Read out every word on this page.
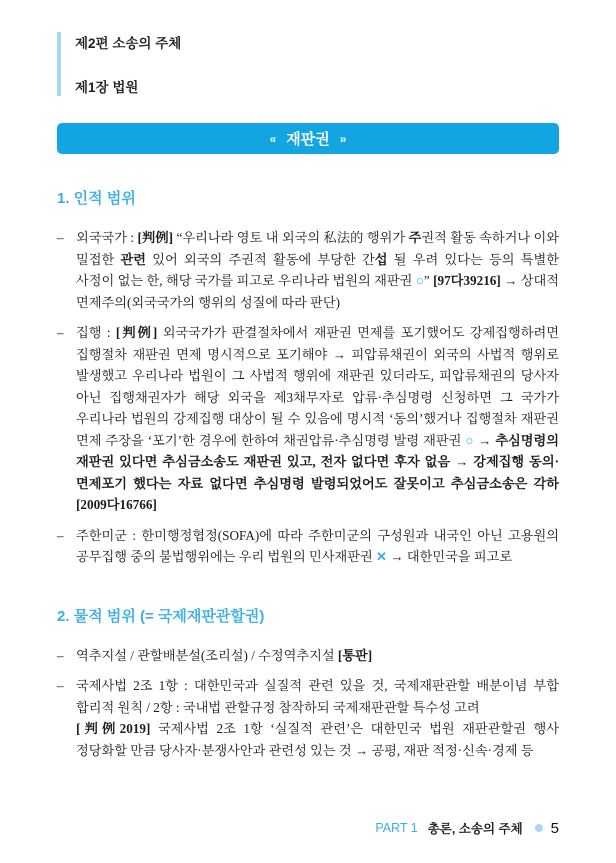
제2편 소송의 주체
제1장 법원
« 재판권 »
1. 인적 범위
– 외국국가 : [判例] “우리나라 영토 내 외국의 私法的 행위가 주권적 활동 속하거나 이와 밀접한 관련 있어 외국의 주권적 활동에 부당한 간섭 될 우려 있다는 등의 특별한 사정이 없는 한, 해당 국가를 피고로 우리나라 법원의 재판권 ○” [97다39216] → 상대적 면제주의(외국국가의 행위의 성질에 따라 판단)

– 집행 : [判例] 외국국가가 판결절차에서 재판권 면제를 포기했어도 강제집행하려면 집행절차 재판권 면제 명시적으로 포기해야 → 피압류채권이 외국의 사법적 행위로 발생했고 우리나라 법원이 그 사법적 행위에 재판권 있더라도, 피압류채권의 당사자 아닌 집행채권자가 해당 외국을 제3채무자로 압류·추심명령 신청하면 그 국가가 우리나라 법원의 강제집행 대상이 될 수 있음에 명시적 ‘동의’했거나 집행절차 재판권 면제 주장을 ‘포기’한 경우에 한하여 채권압류·추심명령 발령 재판권 ○ → 추심명령의 재판권 있다면 추심금소송도 재판권 있고, 전자 없다면 후자 없음 → 강제집행 동의·면제포기 했다는 자료 없다면 추심명령 발령되었어도 잘못이고 추심금소송은 각하 [2009다16766]

– 주한미군 : 한미행정협정(SOFA)에 따라 주한미군의 구성원과 내국인 아닌 고용원의 공무집행 중의 불법행위에는 우리 법원의 민사재판권 ✕ → 대한민국을 피고로

2. 물적 범위 (= 국제재판관할권)
– 역추지설 / 관할배분설(조리설) / 수정역추지설 [통판]

– 국제사법 2조 1항 : 대한민국과 실질적 관련 있을 것, 국제재판관할 배분이념 부합 합리적 원칙 / 2항 : 국내법 관할규정 참작하되 국제재판관할 특수성 고려
[判例2019] 국제사법 2조 1항 ‘실질적 관련’은 대한민국 법원 재판관할권 행사 정당화할 만큼 당사자·분쟁사안과 관련성 있는 것 → 공평, 재판 적정·신속·경제 등

PART 1 총론, 소송의 주체 5
